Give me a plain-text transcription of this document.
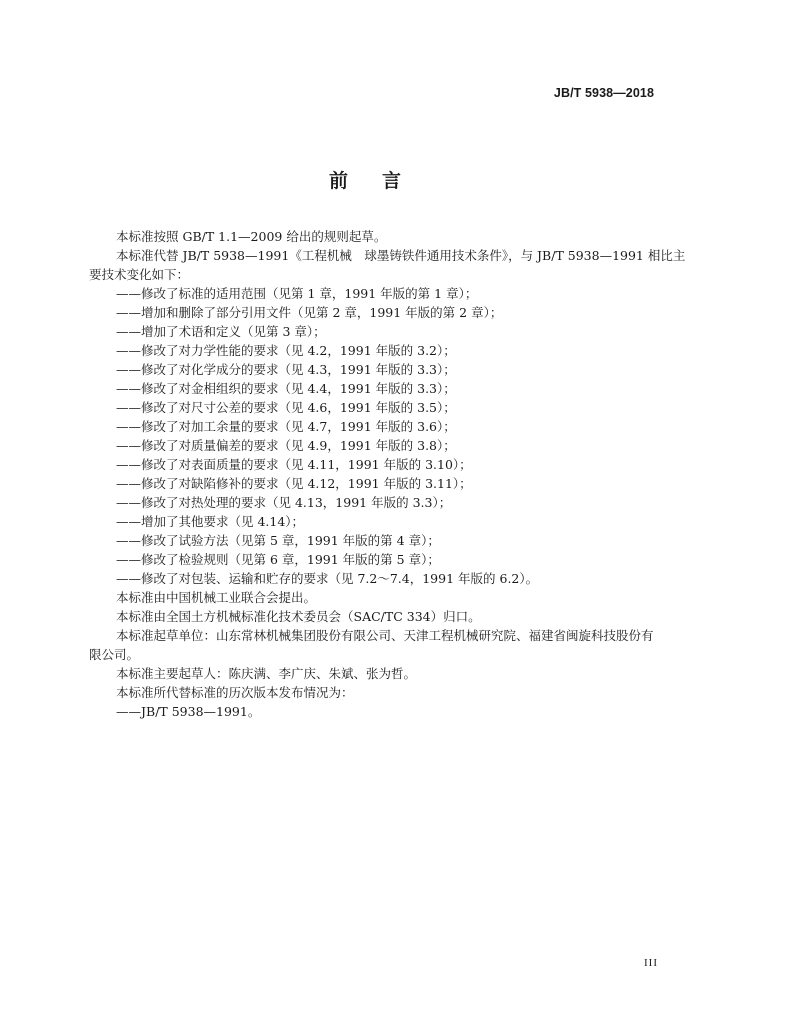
JB/T 5938—2018
前言

本标准按照 GB/T 1.1—2009 给出的规则起草。

本标准代替 JB/T 5938—1991《工程机械　球墨铸铁件通用技术条件》，与 JB/T 5938—1991 相比主
要技术变化如下：

——修改了标准的适用范围（见第 1 章，1991 年版的第 1 章）；

——增加和删除了部分引用文件（见第 2 章，1991 年版的第 2 章）；

——增加了术语和定义（见第 3 章）；

——修改了对力学性能的要求（见 4.2，1991 年版的 3.2）；

——修改了对化学成分的要求（见 4.3，1991 年版的 3.3）；

——修改了对金相组织的要求（见 4.4，1991 年版的 3.3）；

——修改了对尺寸公差的要求（见 4.6，1991 年版的 3.5）；

——修改了对加工余量的要求（见 4.7，1991 年版的 3.6）；

——修改了对质量偏差的要求（见 4.9，1991 年版的 3.8）；

——修改了对表面质量的要求（见 4.11，1991 年版的 3.10）；

——修改了对缺陷修补的要求（见 4.12，1991 年版的 3.11）；

——修改了对热处理的要求（见 4.13，1991 年版的 3.3）；

——增加了其他要求（见 4.14）；

——修改了试验方法（见第 5 章，1991 年版的第 4 章）；

——修改了检验规则（见第 6 章，1991 年版的第 5 章）；

——修改了对包装、运输和贮存的要求（见 7.2～7.4，1991 年版的 6.2）。

本标准由中国机械工业联合会提出。

本标准由全国土方机械标准化技术委员会（SAC/TC 334）归口。

本标准起草单位：山东常林机械集团股份有限公司、天津工程机械研究院、福建省闽旋科技股份有
限公司。

本标准主要起草人：陈庆满、李广庆、朱斌、张为哲。

本标准所代替标准的历次版本发布情况为：

——JB/T 5938—1991。

III
